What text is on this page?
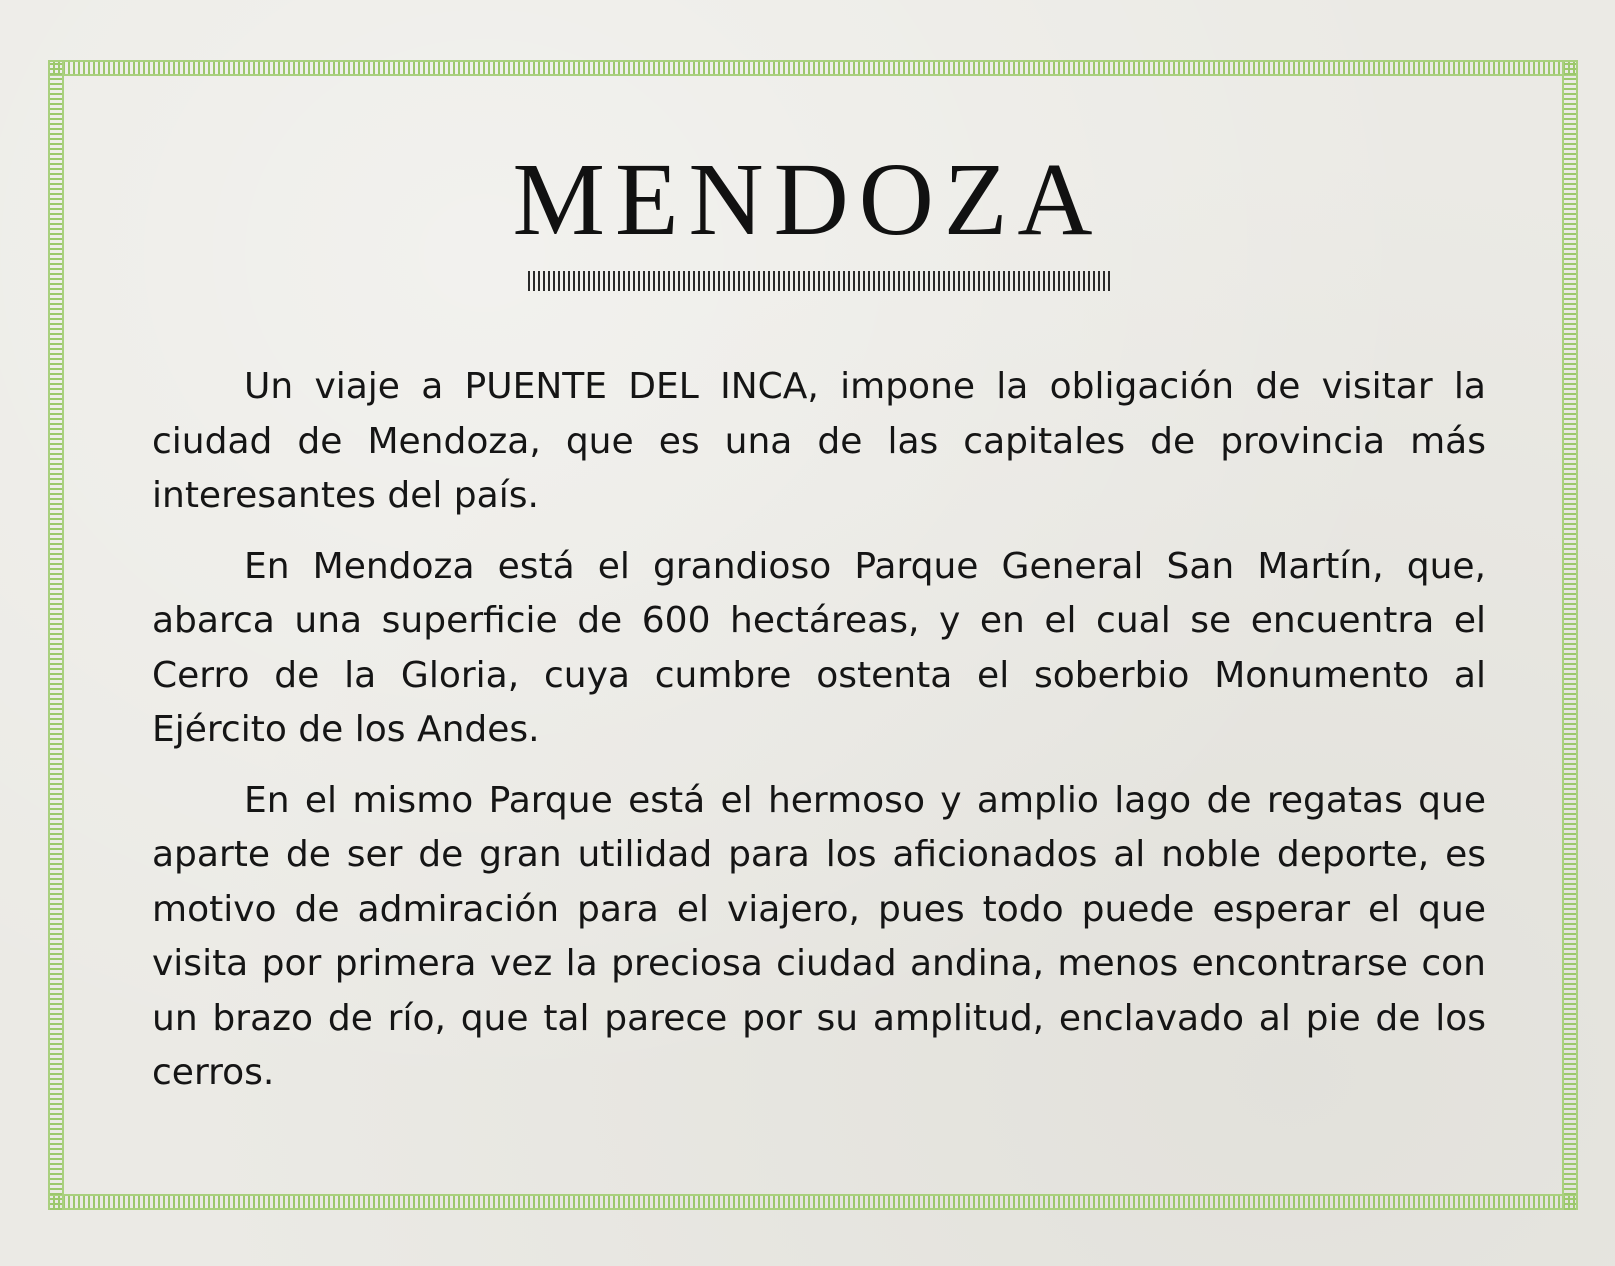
MENDOZA

Un viaje a PUENTE DEL INCA, impone la obligación de visitar la ciudad de Mendoza, que es una de las capitales de provincia más interesantes del país.

En Mendoza está el grandioso Parque General San Martín, que, abarca una superficie de 600 hectáreas, y en el cual se encuentra el Cerro de la Gloria, cuya cumbre ostenta el soberbio Monumento al Ejército de los Andes.

En el mismo Parque está el hermoso y amplio lago de regatas que aparte de ser de gran utilidad para los aficionados al noble deporte, es motivo de admiración para el viajero, pues todo puede esperar el que visita por primera vez la preciosa ciudad andina, menos encontrarse con un brazo de río, que tal parece por su amplitud, enclavado al pie de los cerros.
